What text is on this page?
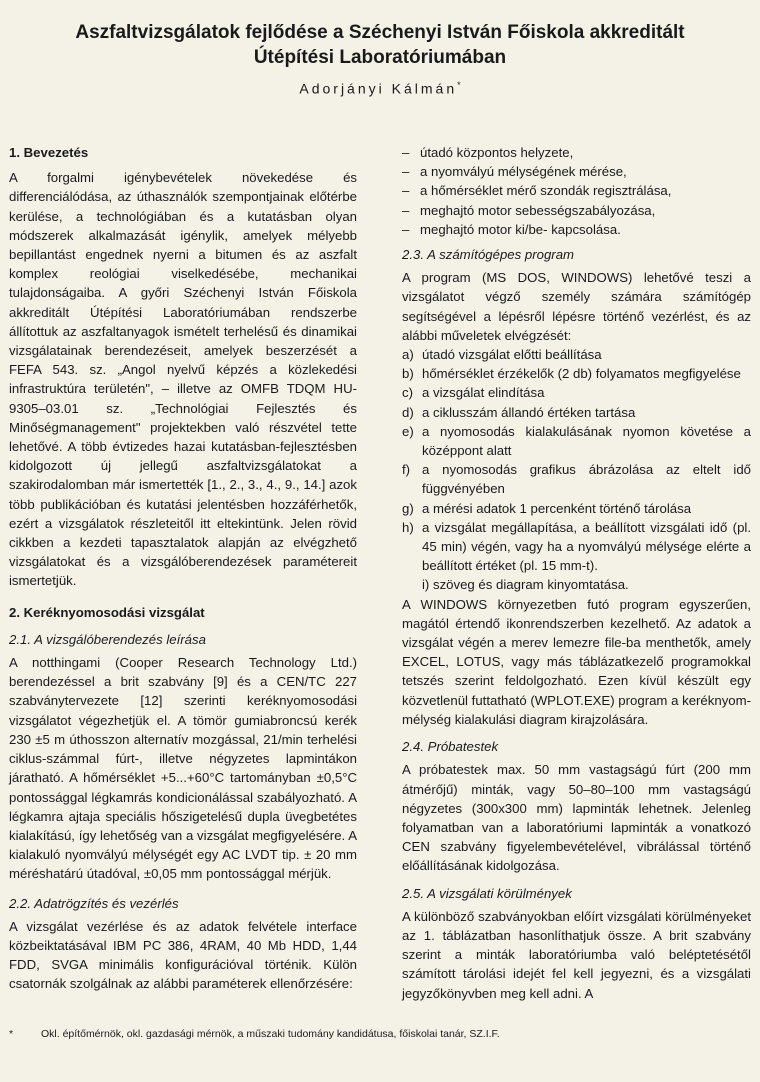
Aszfaltvizsgálatok fejlődése a Széchenyi István Főiskola akkreditált
Útépítési Laboratóriumában
Adorjányi Kálmán*
1. Bevezetés

A forgalmi igénybevételek növekedése és differenciálódása, az úthasználók szempontjainak előtérbe kerülése, a technológiában és a kutatásban olyan módszerek alkalmazását igénylik, amelyek mélyebb bepillantást engednek nyerni a bitumen és az aszfalt komplex reológiai viselkedésébe, mechanikai tulajdonságaiba. A győri Széchenyi István Főiskola akkreditált Útépítési Laboratóriumában rendszerbe állítottuk az aszfaltanyagok ismételt terhelésű és dinamikai vizsgálatainak berendezéseit, amelyek beszerzését a FEFA 543. sz. „Angol nyelvű képzés a közlekedési infrastruktúra területén", – illetve az OMFB TDQM HU-9305–03.01 sz. „Technológiai Fejlesztés és Minőségmanagement" projektekben való részvétel tette lehetővé. A több évtizedes hazai kutatásban-fejlesztésben kidolgozott új jellegű aszfaltvizsgálatokat a szakirodalomban már ismertették [1., 2., 3., 4., 9., 14.] azok több publikációban és kutatási jelentésben hozzáférhetők, ezért a vizsgálatok részleteitől itt eltekintünk. Jelen rövid cikkben a kezdeti tapasztalatok alapján az elvégzhető vizsgálatokat és a vizsgálóberendezések paramétereit ismertetjük.

2. Keréknyomosodási vizsgálat
2.1. A vizsgálóberendezés leírása

A notthingami (Cooper Research Technology Ltd.) berendezéssel a brit szabvány [9] és a CEN/TC 227 szabványtervezete [12] szerinti keréknyomosodási vizsgálatot végezhetjük el. A tömör gumiabroncsú kerék 230 ±5 m úthosszon alternatív mozgással, 21/min terhelési ciklus-számmal fúrt-, illetve négyzetes lapmintákon járatható. A hőmérséklet +5...+60°C tartományban ±0,5°C pontossággal légkamrás kondicionálással szabályozható. A légkamra ajtaja speciális hőszigetelésű dupla üvegbetétes kialakítású, így lehetőség van a vizsgálat megfigyelésére. A kialakuló nyomvályú mélységét egy AC LVDT tip. ± 20 mm méréshatárú útadóval, ±0,05 mm pontossággal mérjük.

2.2. Adatrögzítés és vezérlés

A vizsgálat vezérlése és az adatok felvétele interface közbeiktatásával IBM PC 386, 4RAM, 40 Mb HDD, 1,44 FDD, SVGA minimális konfigurációval történik. Külön csatornák szolgálnak az alábbi paraméterek ellenőrzésére:

– útadó központos helyzete,
– a nyomvályú mélységének mérése,
– a hőmérséklet mérő szondák regisztrálása,
– meghajtó motor sebességszabályozása,
– meghajtó motor ki/be- kapcsolása.
2.3. A számítógépes program

A program (MS DOS, WINDOWS) lehetővé teszi a vizsgálatot végző személy számára számítógép segítségével a lépésről lépésre történő vezérlést, és az alábbi műveletek elvégzését:

a) útadó vizsgálat előtti beállítása
b) hőmérséklet érzékelők (2 db) folyamatos megfigyelése
c) a vizsgálat elindítása
d) a ciklusszám állandó értéken tartása
e) a nyomosodás kialakulásának nyomon követése a középpont alatt
f) a nyomosodás grafikus ábrázolása az eltelt idő függvényében
g) a mérési adatok 1 percenként történő tárolása
h) a vizsgálat megállapítása, a beállított vizsgálati idő (pl. 45 min) végén, vagy ha a nyomvályú mélysége elérte a beállított értéket (pl. 15 mm-t).
i) szöveg és diagram kinyomtatása.

A WINDOWS környezetben futó program egyszerűen, magától értendő ikonrendszerben kezelhető. Az adatok a vizsgálat végén a merev lemezre file-ba menthetők, amely EXCEL, LOTUS, vagy más táblázatkezelő programokkal tetszés szerint feldolgozható. Ezen kívül készült egy közvetlenül futtatható (WPLOT.EXE) program a keréknyom-mélység kialakulási diagram kirajzolására.

2.4. Próbatestek

A próbatestek max. 50 mm vastagságú fúrt (200 mm átmérőjű) minták, vagy 50–80–100 mm vastagságú négyzetes (300x300 mm) lapminták lehetnek. Jelenleg folyamatban van a laboratóriumi lapminták a vonatkozó CEN szabvány figyelembevételével, vibrálással történő előállításának kidolgozása.

2.5. A vizsgálati körülmények

A különböző szabványokban előírt vizsgálati körülményeket az 1. táblázatban hasonlíthatjuk össze. A brit szabvány szerint a minták laboratóriumba való beléptetésétől számított tárolási idejét fel kell jegyezni, és a vizsgálati jegyzőkönyvben meg kell adni. A

*	Okl. építőmérnök, okl. gazdasági mérnök, a műszaki tudomány kandidátusa, főiskolai tanár, SZ.I.F.
